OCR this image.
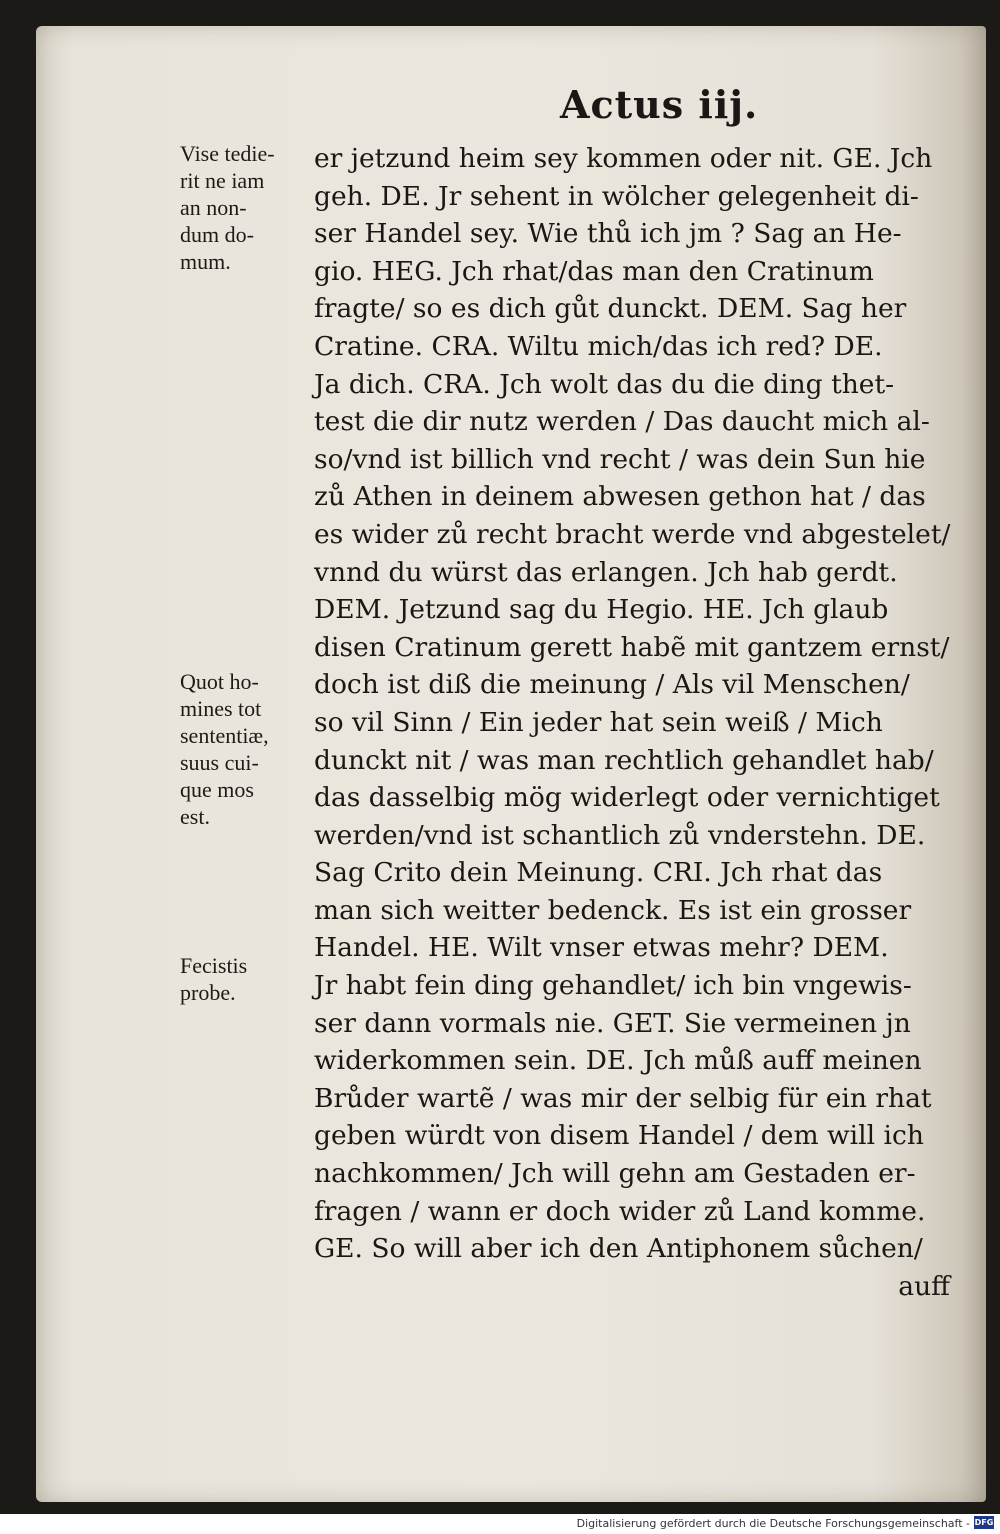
Actus iij.
Vise tedie-
rit ne iam
an non-
dum do-
mum.
Quot ho-
mines tot
sententiæ,
suus cui-
que mos
est.
Fecistis
probe.
er jetzund heim sey kommen oder nit. GE. Jch
geh. DE. Jr sehent in wölcher gelegenheit di-
ser Handel sey. Wie thů ich jm ? Sag an He-
gio. HEG. Jch rhat/das man den Cratinum
fragte/ so es dich gůt dunckt. DEM. Sag her
Cratine. CRA. Wiltu mich/das ich red? DE.
Ja dich. CRA. Jch wolt das du die ding thet-
test die dir nutz werden / Das daucht mich al-
so/vnd ist billich vnd recht / was dein Sun hie
zů Athen in deinem abwesen gethon hat / das
es wider zů recht bracht werde vnd abgestelet/
vnnd du würst das erlangen. Jch hab gerdt.
DEM. Jetzund sag du Hegio. HE. Jch glaub
disen Cratinum gerett habẽ mit gantzem ernst/
doch ist diß die meinung / Als vil Menschen/
so vil Sinn / Ein jeder hat sein weiß / Mich
dunckt nit / was man rechtlich gehandlet hab/
das dasselbig mög widerlegt oder vernichtiget
werden/vnd ist schantlich zů vnderstehn. DE.
Sag Crito dein Meinung. CRI. Jch rhat das
man sich weitter bedenck. Es ist ein grosser
Handel. HE. Wilt vnser etwas mehr? DEM.
Jr habt fein ding gehandlet/ ich bin vngewis-
ser dann vormals nie. GET. Sie vermeinen jn
widerkommen sein. DE. Jch můß auff meinen
Brůder wartẽ / was mir der selbig für ein rhat
geben würdt von disem Handel / dem will ich
nachkommen/ Jch will gehn am Gestaden er-
fragen / wann er doch wider zů Land komme.
GE. So will aber ich den Antiphonem sůchen/
auff
Digitalisierung gefördert durch die Deutsche Forschungsgemeinschaft - DFG
